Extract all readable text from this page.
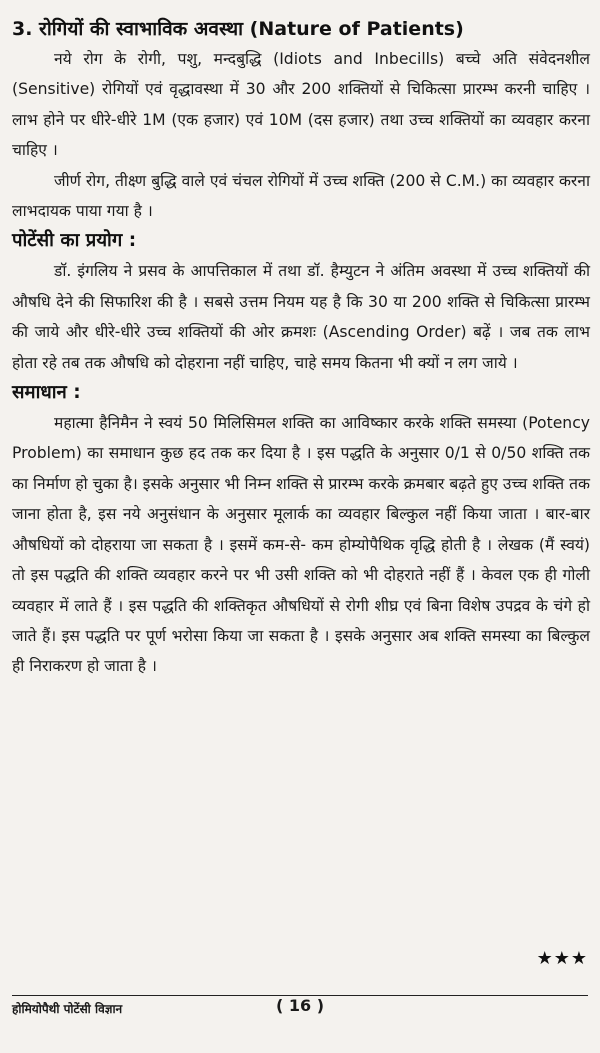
3. रोगियों की स्वाभाविक अवस्था (Nature of Patients)

नये रोग के रोगी, पशु, मन्दबुद्धि (Idiots and Inbecills) बच्चे अति संवेदनशील (Sensitive) रोगियों एवं वृद्धावस्था में 30 और 200 शक्तियों से चिकित्सा प्रारम्भ करनी चाहिए । लाभ होने पर धीरे-धीरे 1M (एक हजार) एवं 10M (दस हजार) तथा उच्च शक्तियों का व्यवहार करना चाहिए ।

जीर्ण रोग, तीक्ष्ण बुद्धि वाले एवं चंचल रोगियों में उच्च शक्ति (200 से C.M.) का व्यवहार करना लाभदायक पाया गया है ।

पोटेंसी का प्रयोग :

डॉ. इंगलिय ने प्रसव के आपत्तिकाल में तथा डॉ. हैम्युटन ने अंतिम अवस्था में उच्च शक्तियों की औषधि देने की सिफारिश की है । सबसे उत्तम नियम यह है कि 30 या 200 शक्ति से चिकित्सा प्रारम्भ की जाये और धीरे-धीरे उच्च शक्तियों की ओर क्रमशः (Ascending Order) बढ़ें । जब तक लाभ होता रहे तब तक औषधि को दोहराना नहीं चाहिए, चाहे समय कितना भी क्यों न लग जाये ।

समाधान :

महात्मा हैनिमैन ने स्वयं 50 मिलिसिमल शक्ति का आविष्कार करके शक्ति समस्या (Potency Problem) का समाधान कुछ हद तक कर दिया है । इस पद्धति के अनुसार 0/1 से 0/50 शक्ति तक का निर्माण हो चुका है। इसके अनुसार भी निम्न शक्ति से प्रारम्भ करके क्रमबार बढ़ते हुए उच्च शक्ति तक जाना होता है, इस नये अनुसंधान के अनुसार मूलार्क का व्यवहार बिल्कुल नहीं किया जाता । बार-बार औषधियों को दोहराया जा सकता है । इसमें कम-से- कम होम्योपैथिक वृद्धि होती है । लेखक (मैं स्वयं) तो इस पद्धति की शक्ति व्यवहार करने पर भी उसी शक्ति को भी दोहराते नहीं हैं । केवल एक ही गोली व्यवहार में लाते हैं । इस पद्धति की शक्तिकृत औषधियों से रोगी शीघ्र एवं बिना विशेष उपद्रव के चंगे हो जाते हैं। इस पद्धति पर पूर्ण भरोसा किया जा सकता है । इसके अनुसार अब शक्ति समस्या का बिल्कुल ही निराकरण हो जाता है ।

★★★
होमियोपैथी पोटेंसी विज्ञान	( 16 )
